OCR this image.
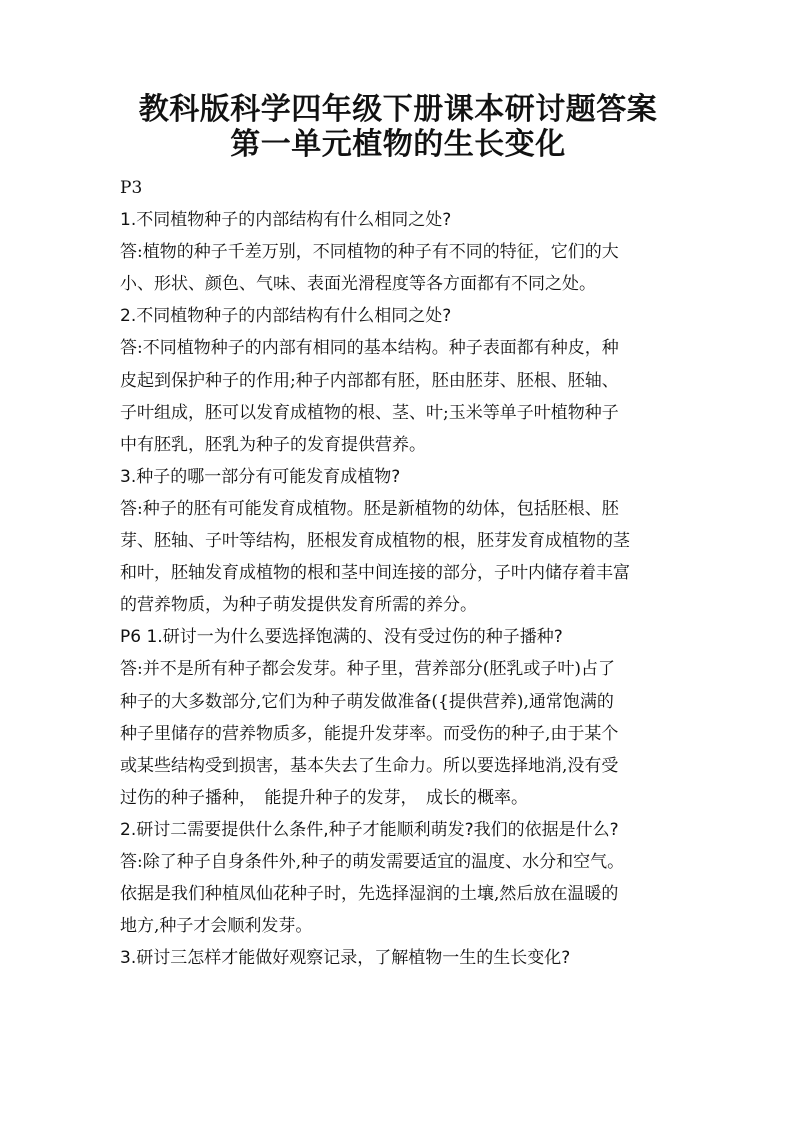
教科版科学四年级下册课本研讨题答案
第一单元植物的生长变化

P3

1.不同植物种子的内部结构有什么相同之处?

答:植物的种子千差万别，不同植物的种子有不同的特征，它们的大

小、形状、颜色、气味、表面光滑程度等各方面都有不同之处。

2.不同植物种子的内部结构有什么相同之处?

答:不同植物种子的内部有相同的基本结构。种子表面都有种皮，种

皮起到保护种子的作用;种子内部都有胚，胚由胚芽、胚根、胚轴、

子叶组成，胚可以发育成植物的根、茎、叶;玉米等单子叶植物种子

中有胚乳，胚乳为种子的发育提供营养。

3.种子的哪一部分有可能发育成植物?

答:种子的胚有可能发育成植物。胚是新植物的幼体，包括胚根、胚

芽、胚轴、子叶等结构，胚根发育成植物的根，胚芽发育成植物的茎

和叶，胚轴发育成植物的根和茎中间连接的部分，子叶内储存着丰富

的营养物质，为种子萌发提供发育所需的养分。

P6 1.研讨一为什么要选择饱满的、没有受过伤的种子播种?

答:并不是所有种子都会发芽。种子里，营养部分(胚乳或子叶)占了

种子的大多数部分,它们为种子萌发做准备({提供营养),通常饱满的

种子里储存的营养物质多，能提升发芽率。而受伤的种子,由于某个

或某些结构受到损害，基本失去了生命力。所以要选择地消,没有受

过伤的种子播种，　能提升种子的发芽，　成长的概率。

2.研讨二需要提供什么条件,种子才能顺利萌发?我们的依据是什么?

答:除了种子自身条件外,种子的萌发需要适宜的温度、水分和空气。

依据是我们种植凤仙花种子时，先选择湿润的土壤,然后放在温暖的

地方,种子才会顺利发芽。

3.研讨三怎样才能做好观察记录，了解植物一生的生长变化?
